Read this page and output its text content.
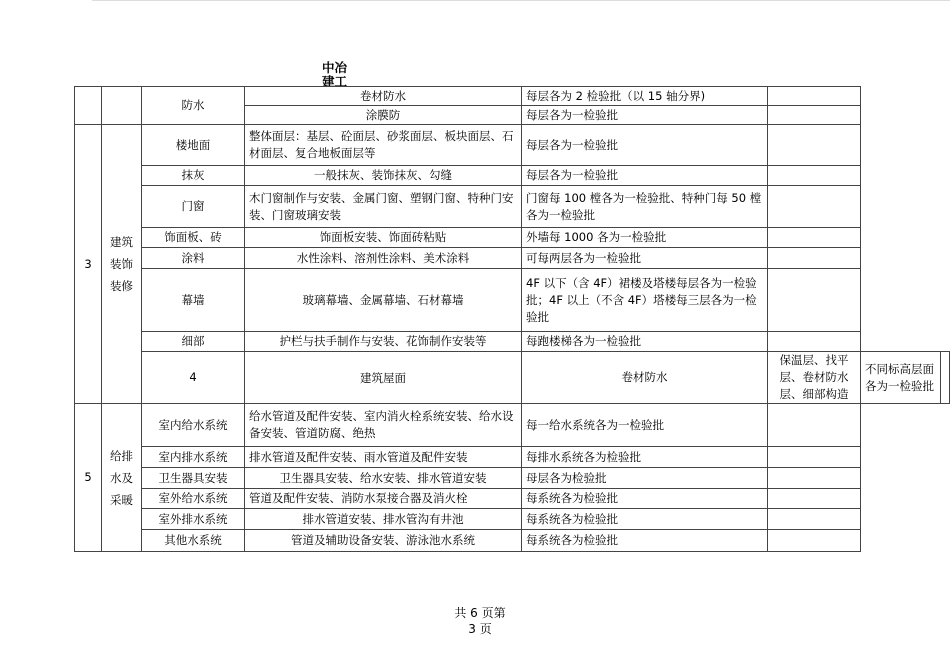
中冶
建工
		防水	卷材防水	每层各为 2 检验批（以 15 轴分界)			
			涂膜防	每层各为一检验批			
3	建筑装饰装修	楼地面	整体面层：基层、砼面层、砂浆面层、板块面层、石材面层、复合地板面层等	每层各为一检验批			
		抹灰	一般抹灰、装饰抹灰、勾缝	每层各为一检验批			
		门窗	木门窗制作与安装、金属门窗、塑钢门窗、特种门安装、门窗玻璃安装	门窗每 100 樘各为一检验批、特种门每 50 樘各为一检验批			
		饰面板、砖	饰面板安装、饰面砖粘贴	外墙每 1000 各为一检验批			
		涂料	水性涂料、溶剂性涂料、美术涂料	可每两层各为一检验批			
		幕墙	玻璃幕墙、金属幕墙、石材幕墙	4F 以下（含 4F）裙楼及塔楼每层各为一检验批；4F 以上（不含 4F）塔楼每三层各为一检验批			
		细部	护栏与扶手制作与安装、花饰制作安装等	每跑楼梯各为一检验批			
		4	建筑屋面	卷材防水	保温层、找平层、卷材防水层、细部构造	不同标高层面各为一检验批	
5	给排水及采暖	室内给水系统	给水管道及配件安装、室内消火栓系统安装、给水设备安装、管道防腐、绝热	每一给水系统各为一检验批			
		室内排水系统	排水管道及配件安装、雨水管道及配件安装	每排水系统各为检验批			
		卫生器具安装	卫生器具安装、给水安装、排水管道安装	母层各为检验批			
		室外给水系统	管道及配件安装、消防水泵接合器及消火栓	每系统各为检验批			
		室外排水系统	排水管道安装、排水管沟有井池	每系统各为检验批			
		其他水系统	管道及辅助设备安装、游泳池水系统	每系统各为检验批			
共 6 页第
3 页
